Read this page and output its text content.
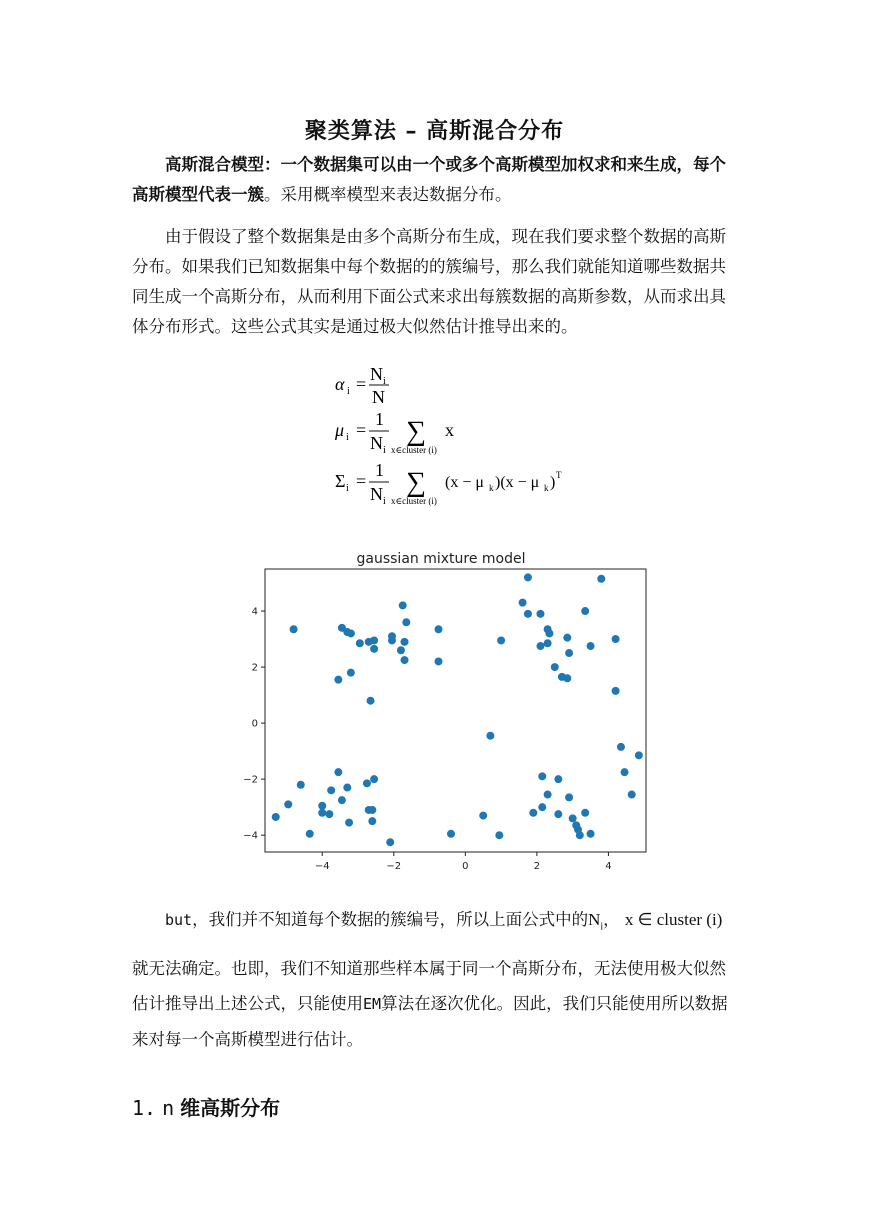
聚类算法 – 高斯混合分布
高斯混合模型：一个数据集可以由一个或多个高斯模型加权求和来生成，每个高斯模型代表一簇。采用概率模型来表达数据分布。
由于假设了整个数据集是由多个高斯分布生成，现在我们要求整个数据的高斯分布。如果我们已知数据集中每个数据的的簇编号，那么我们就能知道哪些数据共同生成一个高斯分布，从而利用下面公式来求出每簇数据的高斯参数，从而求出具体分布形式。这些公式其实是通过极大似然估计推导出来的。
α i = N i
N
μ i =
1
N i
∑
x∈cluster (i)
x
Σ i =
1
N i
∑
x∈cluster (i)
(x − μ k )(x − μ k ) T
gaussian mixture model
−4	−2	0	2	4
−4
−2
0
2
4
but，我们并不知道每个数据的簇编号，所以上面公式中的$N_i$， x ∈ cluster (i)
就无法确定。也即，我们不知道那些样本属于同一个高斯分布，无法使用极大似然估计推导出上述公式，只能使用EM算法在逐次优化。因此，我们只能使用所以数据来对每一个高斯模型进行估计。
1. n 维高斯分布
